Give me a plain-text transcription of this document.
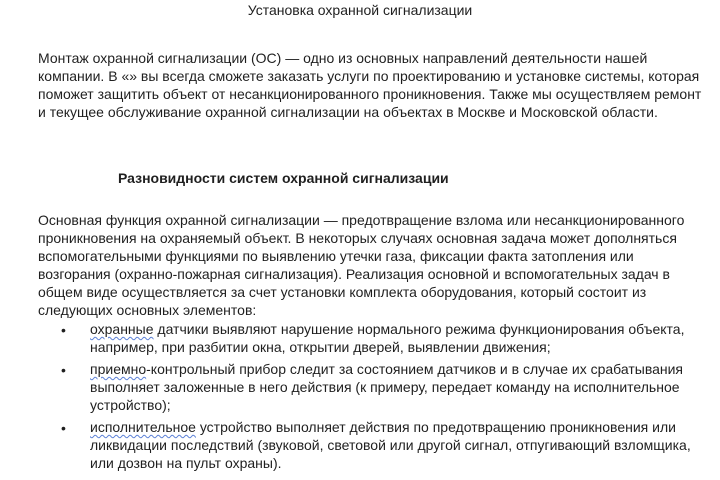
Установка охранной сигнализации

Монтаж охранной сигнализации (ОС) — одно из основных направлений деятельности нашей компании. В «» вы всегда сможете заказать услуги по проектированию и установке системы, которая поможет защитить объект от несанкционированного проникновения. Также мы осуществляем ремонт и текущее обслуживание охранной сигнализации на объектах в Москве и Московской области.

Разновидности систем охранной сигнализации

Основная функция охранной сигнализации — предотвращение взлома или несанкционированного проникновения на охраняемый объект. В некоторых случаях основная задача может дополняться вспомогательными функциями по выявлению утечки газа, фиксации факта затопления или возгорания (охранно-пожарная сигнализация). Реализация основной и вспомогательных задач в общем виде осуществляется за счет установки комплекта оборудования, который состоит из следующих основных элементов:

• охранные датчики выявляют нарушение нормального режима функционирования объекта, например, при разбитии окна, открытии дверей, выявлении движения;
• приемно-контрольный прибор следит за состоянием датчиков и в случае их срабатывания выполняет заложенные в него действия (к примеру, передает команду на исполнительное устройство);
• исполнительное устройство выполняет действия по предотвращению проникновения или ликвидации последствий (звуковой, световой или другой сигнал, отпугивающий взломщика, или дозвон на пульт охраны).
